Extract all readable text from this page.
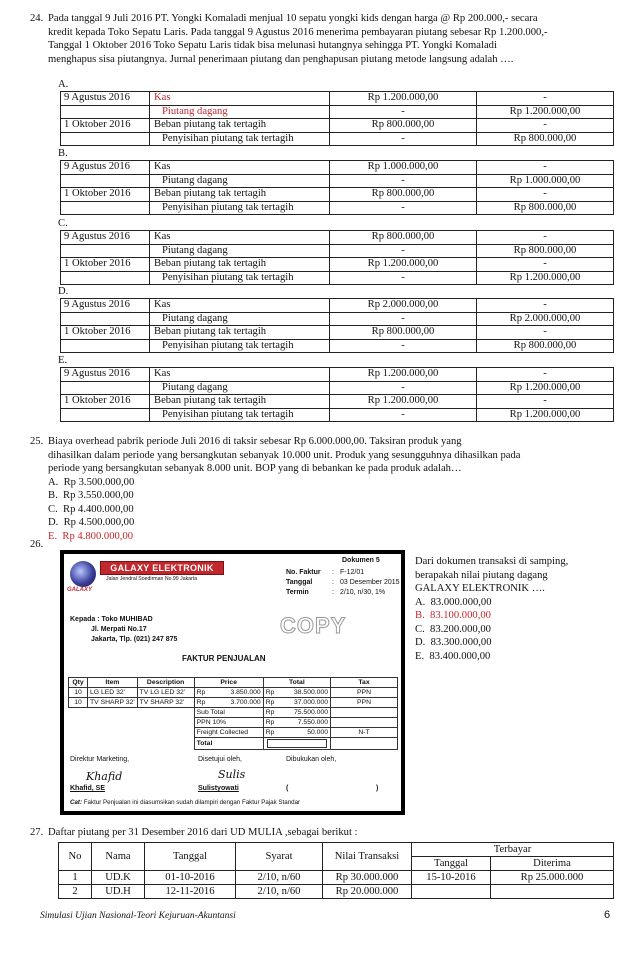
24. Pada tanggal 9 Juli 2016 PT. Yongki Komaladi menjual 10 sepatu yongki kids dengan harga @ Rp 200.000,- secara
kredit kepada Toko Sepatu Laris. Pada tanggal 9 Agustus 2016 menerima pembayaran piutang sebesar Rp 1.200.000,-
Tanggal 1 Oktober 2016 Toko Sepatu Laris tidak bisa melunasi hutangnya sehingga PT. Yongki Komaladi
menghapus sisa piutangnya. Jurnal penerimaan piutang dan penghapusan piutang metode langsung adalah ….
A.
9 Agustus 2016	Kas	Rp 1.200.000,00	-
	Piutang dagang	-	Rp 1.200.000,00
1 Oktober 2016	Beban piutang tak tertagih	Rp 800.000,00	-
	Penyisihan piutang tak tertagih	-	Rp 800.000,00
B.
9 Agustus 2016	Kas	Rp 1.000.000,00	-
	Piutang dagang	-	Rp 1.000.000,00
1 Oktober 2016	Beban piutang tak tertagih	Rp 800.000,00	-
	Penyisihan piutang tak tertagih	-	Rp 800.000,00
C.
9 Agustus 2016	Kas	Rp 800.000,00	-
	Piutang dagang	-	Rp 800.000,00
1 Oktober 2016	Beban piutang tak tertagih	Rp 1.200.000,00	-
	Penyisihan piutang tak tertagih	-	Rp 1.200.000,00
D.
9 Agustus 2016	Kas	Rp 2.000.000,00	-
	Piutang dagang	-	Rp 2.000.000,00
1 Oktober 2016	Beban piutang tak tertagih	Rp 800.000,00	-
	Penyisihan piutang tak tertagih	-	Rp 800.000,00
E.
9 Agustus 2016	Kas	Rp 1.200.000,00	-
	Piutang dagang	-	Rp 1.200.000,00
1 Oktober 2016	Beban piutang tak tertagih	Rp 1.200.000,00	-
	Penyisihan piutang tak tertagih	-	Rp 1.200.000,00
25. Biaya overhead pabrik periode Juli 2016 di taksir sebesar Rp 6.000.000,00. Taksiran produk yang
dihasilkan dalam periode yang bersangkutan sebanyak 10.000 unit. Produk yang sesungguhnya dihasilkan pada
periode yang bersangkutan sebanyak 8.000 unit. BOP yang di bebankan ke pada produk adalah…
A. Rp 3.500.000,00
B. Rp 3.550.000,00
C. Rp 4.400.000,00
D. Rp 4.500.000,00
E. Rp 4.800.000,00
26.
GALAXY
GALAXY ELEKTRONIK
Jalan Jendral Soedirman No.99 Jakarta
Dokumen 5
No. Faktur : F-12/01
Tanggal	: 03 Desember 2015
Termin	: 2/10, n/30, 1%
Kepada : Toko MUHIBAD
Jl. Merpati No.17
Jakarta, Tlp. (021) 247 875
COPY
FAKTUR PENJUALAN
Qty	Item	Description	Price		Total		Tax
10	LG LED 32'	TV LG LED 32'	Rp	3.850.000	Rp	38.500.000	PPN
10	TV SHARP 32'	TV SHARP 32'	Rp	3.700.000	Rp	37.000.000	PPN
			Sub Total		Rp	75.500.000	
			PPN 10%		Rp	7.550.000	
			Freight Collected		Rp	50.000	N-T
			Total			

Direktur Marketing,	Disetujui oleh,	Dibukukan oleh,
Khafid	Sulis
Khafid, SE	Sulistyowati	(	)
Cat: Faktur Penjualan ini diasumsikan sudah dilampiri dengan Faktur Pajak Standar
Dari dokumen transaksi di samping,
berapakah nilai piutang dagang
GALAXY ELEKTRONIK ….
A. 83.000.000,00
B. 83.100.000,00
C. 83.200.000,00
D. 83.300.000,00
E. 83.400.000,00
27. Daftar piutang per 31 Desember 2016 dari UD MULIA ,sebagai berikut :
No	Nama	Tanggal	Syarat	Nilai Transaksi	Terbayar	
					Tanggal	Diterima
1	UD.K	01-10-2016	2/10, n/60	Rp 30.000.000	15-10-2016	Rp 25.000.000
2	UD.H	12-11-2016	2/10, n/60	Rp 20.000.000		
Simulasi Ujian Nasional-Teori Kejuruan-Akuntansi	6
